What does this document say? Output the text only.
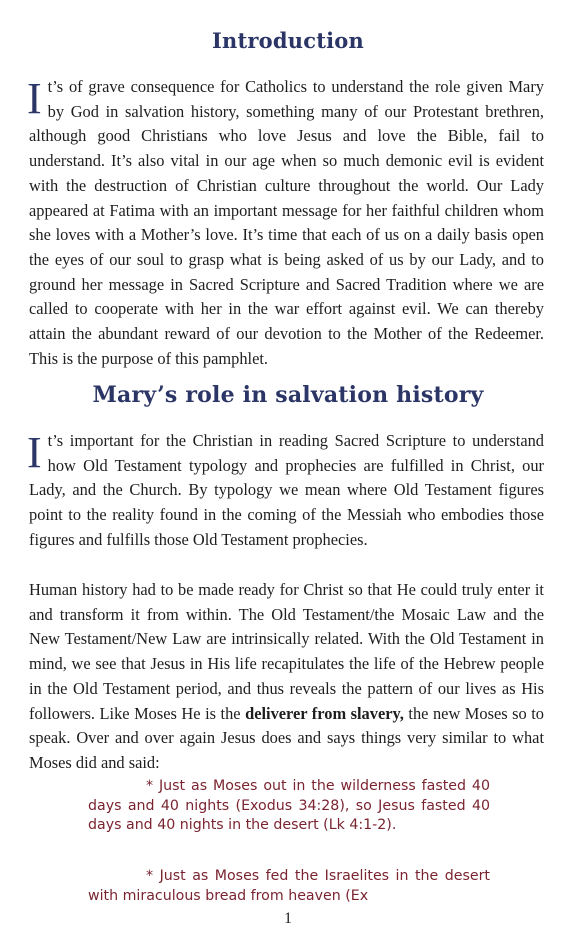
Introduction

It’s of grave consequence for Catholics to understand the role given Mary by God in salvation history, something many of our Protestant brethren, although good Christians who love Jesus and love the Bible, fail to understand. It’s also vital in our age when so much demonic evil is evident with the destruction of Christian culture throughout the world. Our Lady appeared at Fatima with an important message for her faithful children whom she loves with a Mother’s love. It’s time that each of us on a daily basis open the eyes of our soul to grasp what is being asked of us by our Lady, and to ground her message in Sacred Scripture and Sacred Tradition where we are called to cooperate with her in the war effort against evil. We can thereby attain the abundant reward of our devotion to the Mother of the Redeemer. This is the purpose of this pamphlet.

Mary’s role in salvation history

It’s important for the Christian in reading Sacred Scripture to understand how Old Testament typology and prophecies are fulfilled in Christ, our Lady, and the Church. By typology we mean where Old Testament figures point to the reality found in the coming of the Messiah who embodies those figures and fulfills those Old Testament prophecies.

Human history had to be made ready for Christ so that He could truly enter it and transform it from within. The Old Testament/the Mosaic Law and the New Testament/New Law are intrinsically related. With the Old Testament in mind, we see that Jesus in His life recapitulates the life of the Hebrew people in the Old Testament period, and thus reveals the pattern of our lives as His followers. Like Moses He is the deliverer from slavery, the new Moses so to speak. Over and over again Jesus does and says things very similar to what Moses did and said:

* Just as Moses out in the wilderness fasted 40 days and 40 nights (Exodus 34:28), so Jesus fasted 40 days and 40 nights in the desert (Lk 4:1-2).

* Just as Moses fed the Israelites in the desert with miraculous bread from heaven (Ex

1
